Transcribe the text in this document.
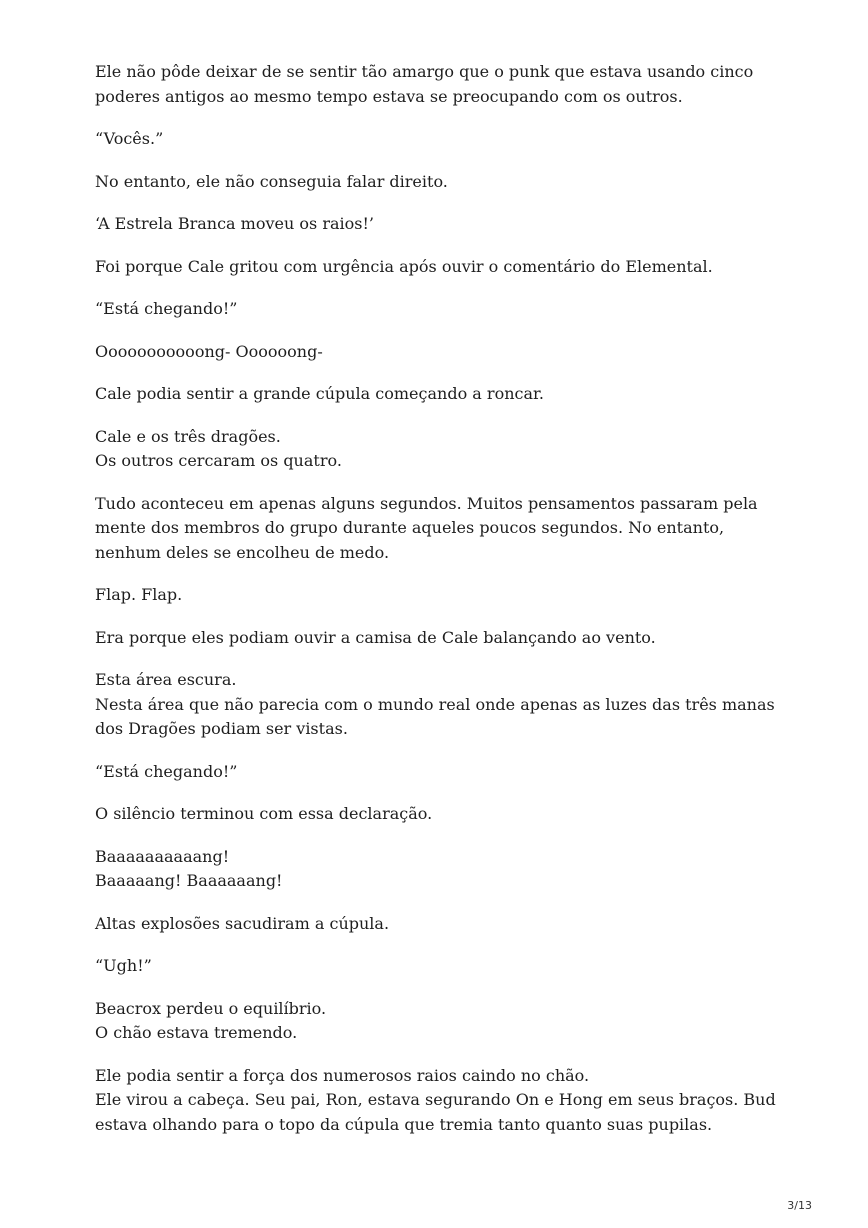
Ele não pôde deixar de se sentir tão amargo que o punk que estava usando cinco poderes antigos ao mesmo tempo estava se preocupando com os outros.

“Vocês.”

No entanto, ele não conseguia falar direito.

‘A Estrela Branca moveu os raios!’

Foi porque Cale gritou com urgência após ouvir o comentário do Elemental.

“Está chegando!”

Ooooooooooong- Oooooong-

Cale podia sentir a grande cúpula começando a roncar.

Cale e os três dragões.
Os outros cercaram os quatro.

Tudo aconteceu em apenas alguns segundos. Muitos pensamentos passaram pela mente dos membros do grupo durante aqueles poucos segundos. No entanto, nenhum deles se encolheu de medo.

Flap. Flap.

Era porque eles podiam ouvir a camisa de Cale balançando ao vento.

Esta área escura.
Nesta área que não parecia com o mundo real onde apenas as luzes das três manas dos Dragões podiam ser vistas.

“Está chegando!”

O silêncio terminou com essa declaração.

Baaaaaaaaaang!
Baaaaang! Baaaaaang!

Altas explosões sacudiram a cúpula.

“Ugh!”

Beacrox perdeu o equilíbrio.
O chão estava tremendo.

Ele podia sentir a força dos numerosos raios caindo no chão.
Ele virou a cabeça. Seu pai, Ron, estava segurando On e Hong em seus braços. Bud estava olhando para o topo da cúpula que tremia tanto quanto suas pupilas.

3/13
